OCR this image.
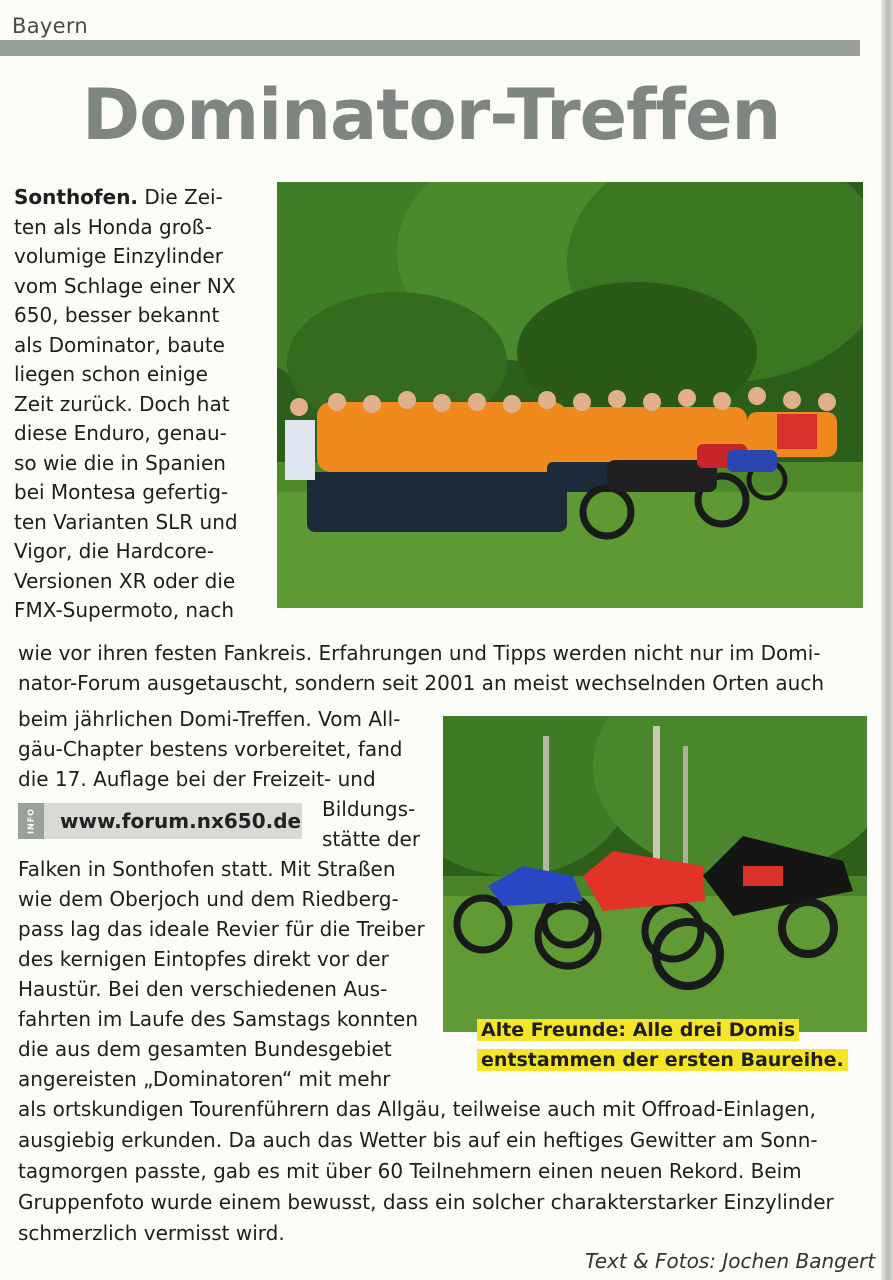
Bayern
Dominator-Treffen
Sonthofen. Die Zei-
ten als Honda groß-
volumige Einzylinder
vom Schlage einer NX
650, besser bekannt
als Dominator, baute
liegen schon einige
Zeit zurück. Doch hat
diese Enduro, genau-
so wie die in Spanien
bei Montesa gefertig-
ten Varianten SLR und
Vigor, die Hardcore-
Versionen XR oder die
FMX-Supermoto, nach
wie vor ihren festen Fankreis. Erfahrungen und Tipps werden nicht nur im Domi-
nator-Forum ausgetauscht, sondern seit 2001 an meist wechselnden Orten auch
beim jährlichen Domi-Treffen. Vom All-
gäu-Chapter bestens vorbereitet, fand
die 17. Auflage bei der Freizeit- und
INFO www.forum.nx650.de Bildungs-
stätte der
Falken in Sonthofen statt. Mit Straßen
wie dem Oberjoch und dem Riedberg-
pass lag das ideale Revier für die Treiber
des kernigen Eintopfes direkt vor der
Haustür. Bei den verschiedenen Aus-
fahrten im Laufe des Samstags konnten
die aus dem gesamten Bundesgebiet
angereisten „Dominatoren“ mit mehr
Alte Freunde: Alle drei Domis
entstammen der ersten Baureihe.
als ortskundigen Tourenführern das Allgäu, teilweise auch mit Offroad-Einlagen,
ausgiebig erkunden. Da auch das Wetter bis auf ein heftiges Gewitter am Sonn-
tagmorgen passte, gab es mit über 60 Teilnehmern einen neuen Rekord. Beim
Gruppenfoto wurde einem bewusst, dass ein solcher charakterstarker Einzylinder
schmerzlich vermisst wird.
Text & Fotos: Jochen Bangert
